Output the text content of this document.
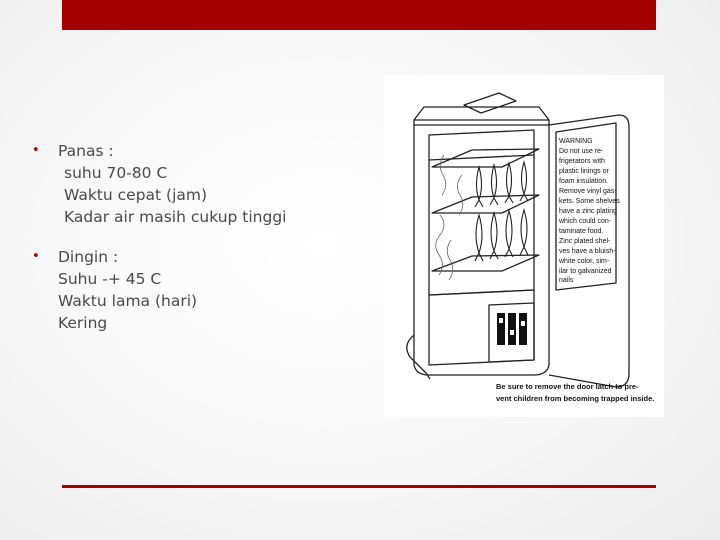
• Panas :
suhu 70-80 C
Waktu cepat (jam)
Kadar air masih cukup tinggi
• Dingin :
Suhu -+ 45 C
Waktu lama (hari)
Kering
WARNING
Do not use re-
frigerators with
plastic linings or
foam insulation.
Remove vinyl gas-
kets. Some shelves
have a zinc plating
which could con-
taminate food.
Zinc plated shel-
ves have a bluish-
white color, sim-
ilar to galvanized
nails
Be sure to remove the door latch to pre-
vent children from becoming trapped inside.
